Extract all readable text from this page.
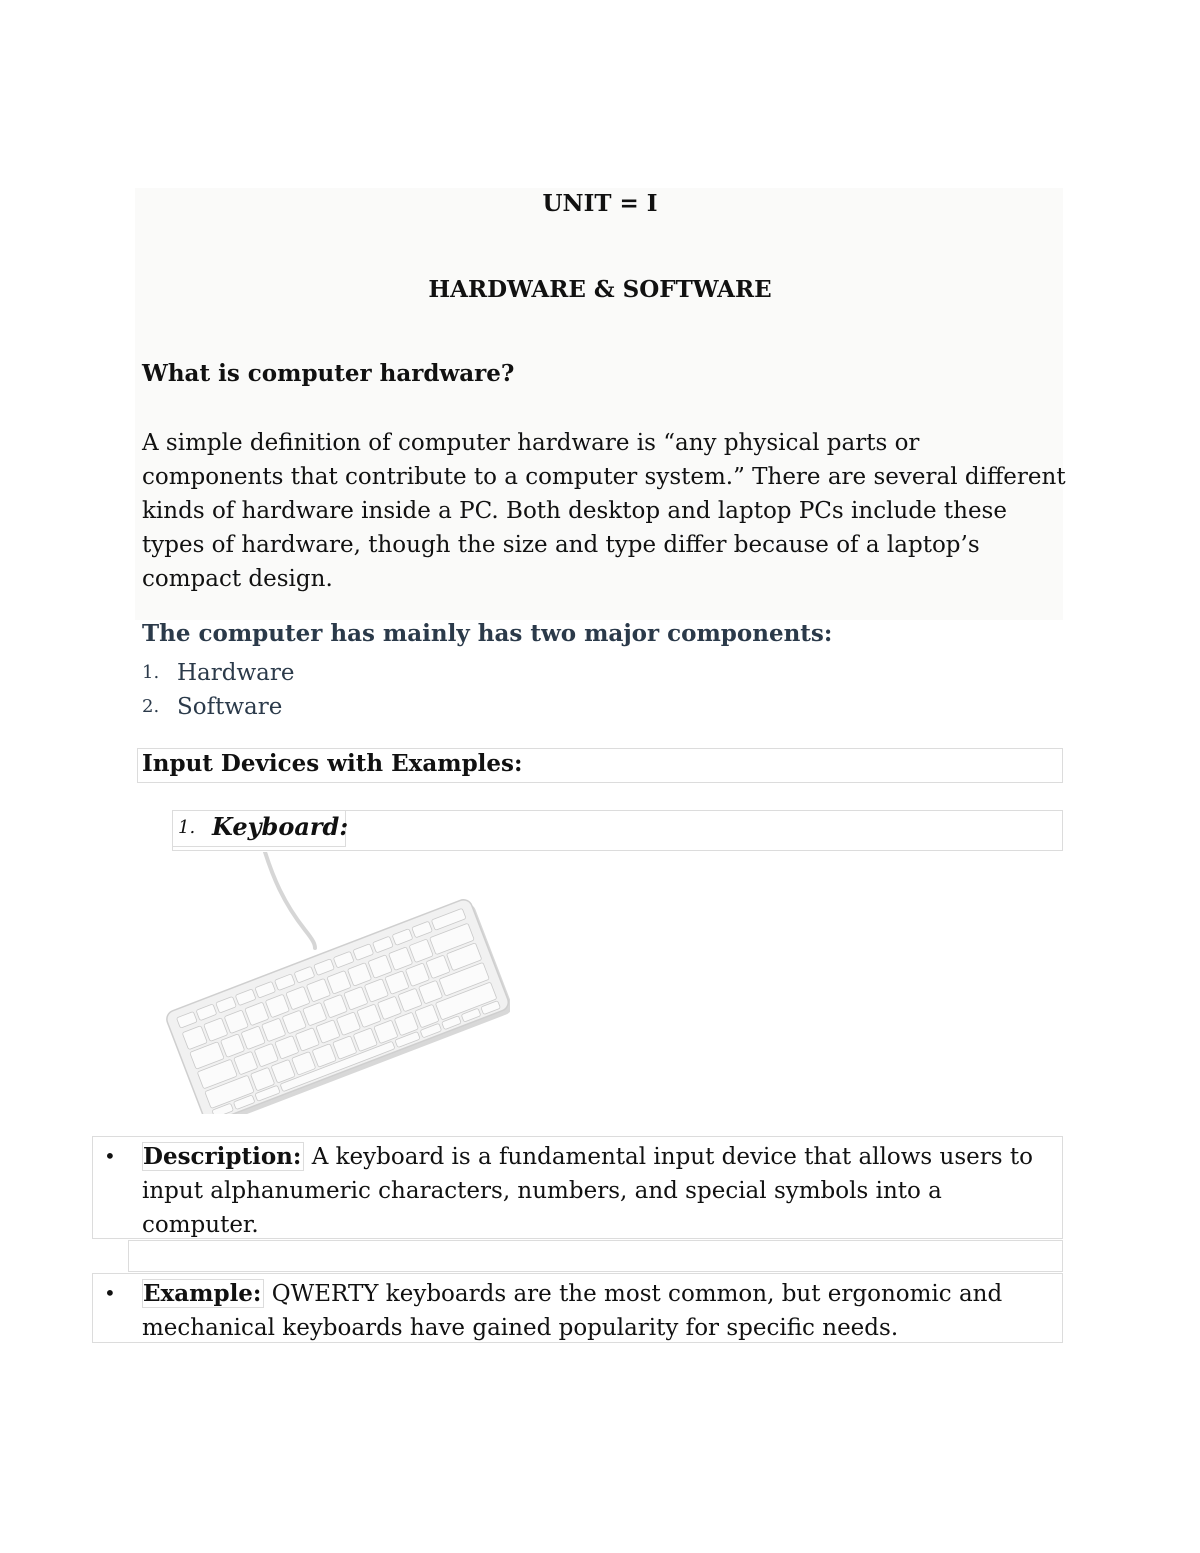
UNIT = I
HARDWARE & SOFTWARE
What is computer hardware?
A simple definition of computer hardware is “any physical parts or components that contribute to a computer system.” There are several different kinds of hardware inside a PC. Both desktop and laptop PCs include these types of hardware, though the size and type differ because of a laptop’s compact design.
The computer has mainly has two major components:
1. Hardware
2. Software
Input Devices with Examples:
1. Keyboard:
• Description: A keyboard is a fundamental input device that allows users to input alphanumeric characters, numbers, and special symbols into a computer.
• Example: QWERTY keyboards are the most common, but ergonomic and mechanical keyboards have gained popularity for specific needs.
